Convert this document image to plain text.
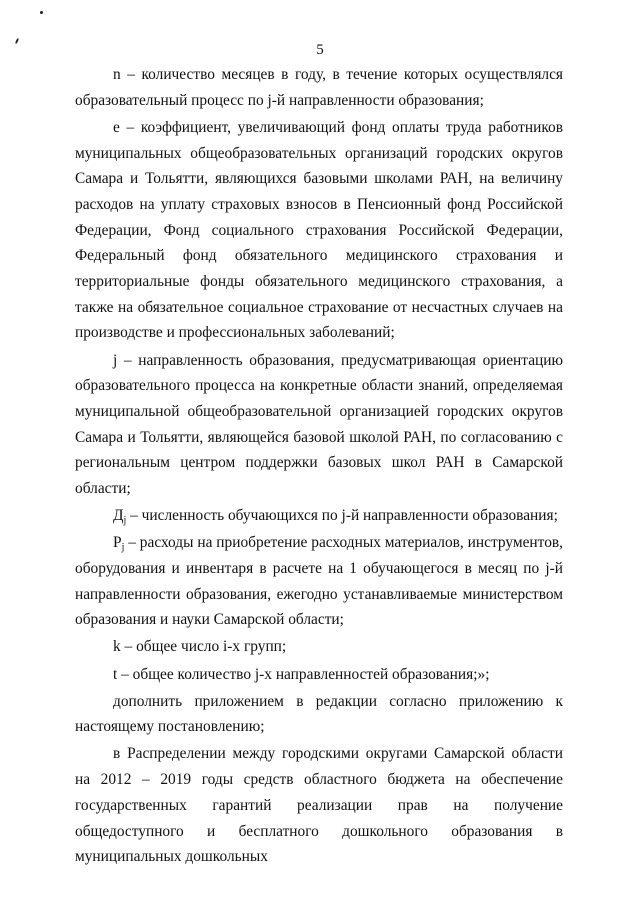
5

n – количество месяцев в году, в течение которых осуществлялся образовательный процесс по j-й направленности образования;

е – коэффициент, увеличивающий фонд оплаты труда работников муниципальных общеобразовательных организаций городских округов Самара и Тольятти, являющихся базовыми школами РАН, на величину расходов на уплату страховых взносов в Пенсионный фонд Российской Федерации, Фонд социального страхования Российской Федерации, Федеральный фонд обязательного медицинского страхования и территориальные фонды обязательного медицинского страхования, а также на обязательное социальное страхование от несчастных случаев на производстве и профессиональных заболеваний;

j – направленность образования, предусматривающая ориентацию образовательного процесса на конкретные области знаний, определяемая муниципальной общеобразовательной организацией городских округов Самара и Тольятти, являющейся базовой школой РАН, по согласованию с региональным центром поддержки базовых школ РАН в Самарской области;

$Д_j$ – численность обучающихся по j-й направленности образования;

$Р_j$ – расходы на приобретение расходных материалов, инструментов, оборудования и инвентаря в расчете на 1 обучающегося в месяц по j-й направленности образования, ежегодно устанавливаемые министерством образования и науки Самарской области;

k – общее число i-х групп;

t – общее количество j-х направленностей образования;»;

дополнить приложением в редакции согласно приложению к настоящему постановлению;

в Распределении между городскими округами Самарской области на 2012 – 2019 годы средств областного бюджета на обеспечение государственных гарантий реализации прав на получение общедоступного и бесплатного дошкольного образования в муниципальных дошкольных
